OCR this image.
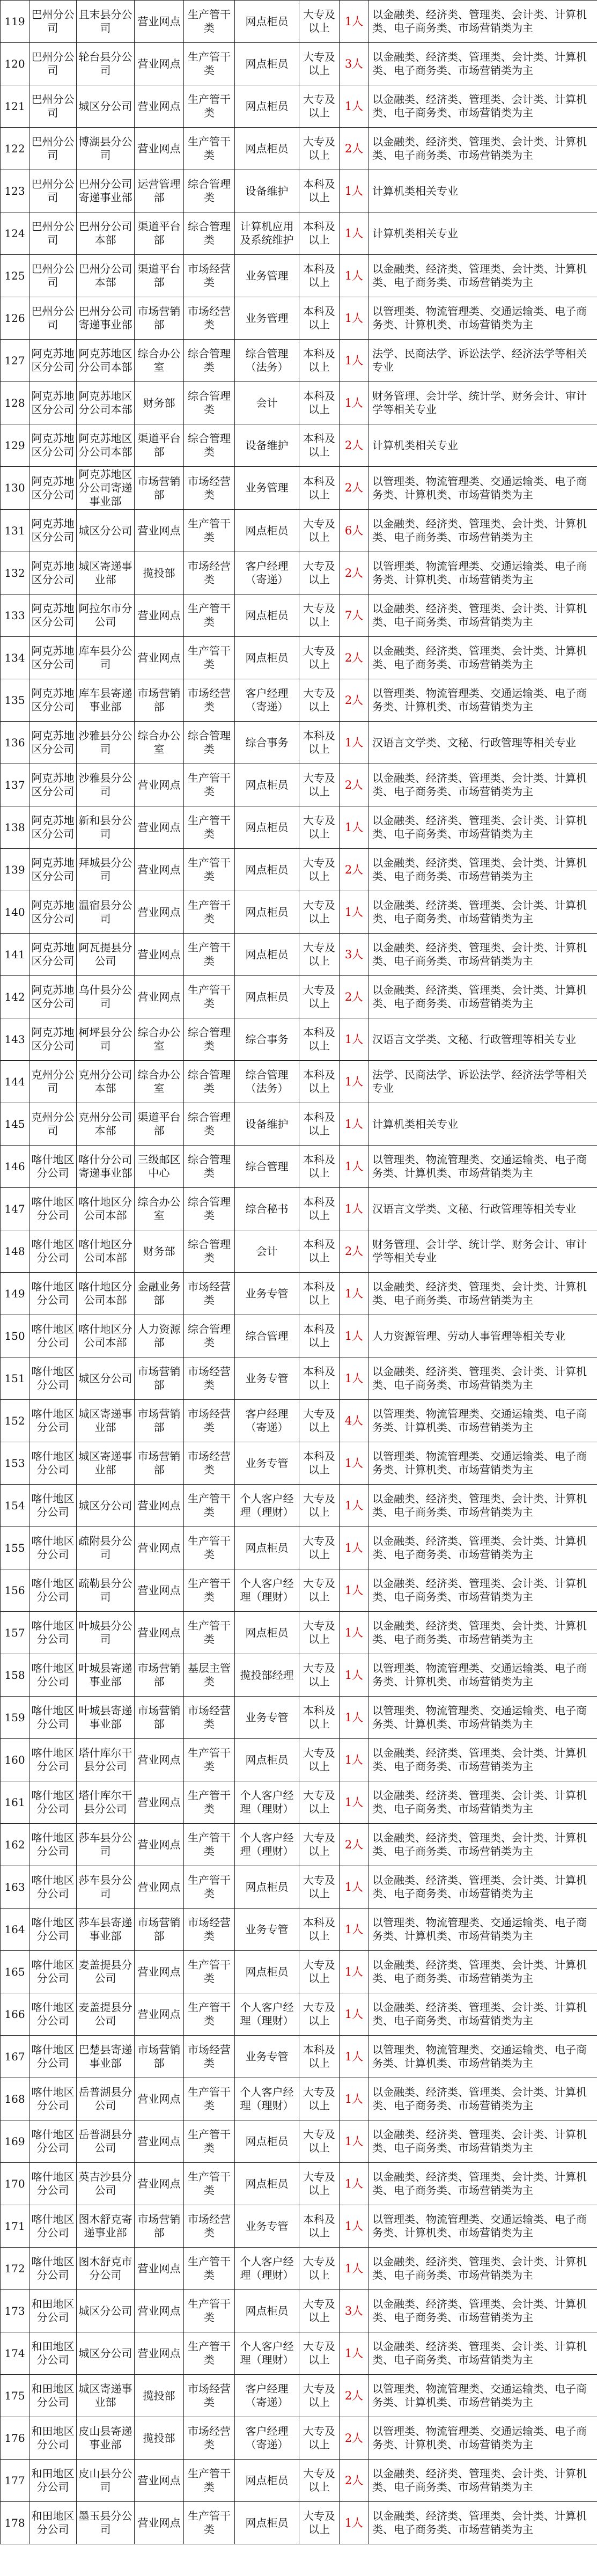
119	巴州分公司	且末县分公司	营业网点	生产管干类	网点柜员	大专及以上	1人	以金融类、经济类、管理类、会计类、计算机类、电子商务类、市场营销类为主
120	巴州分公司	轮台县分公司	营业网点	生产管干类	网点柜员	大专及以上	3人	以金融类、经济类、管理类、会计类、计算机类、电子商务类、市场营销类为主
121	巴州分公司	城区分公司	营业网点	生产管干类	网点柜员	大专及以上	1人	以金融类、经济类、管理类、会计类、计算机类、电子商务类、市场营销类为主
122	巴州分公司	博湖县分公司	营业网点	生产管干类	网点柜员	大专及以上	2人	以金融类、经济类、管理类、会计类、计算机类、电子商务类、市场营销类为主
123	巴州分公司	巴州分公司寄递事业部	运营管理部	综合管理类	设备维护	本科及以上	1人	计算机类相关专业
124	巴州分公司	巴州分公司本部	渠道平台部	综合管理类	计算机应用及系统维护	本科及以上	1人	计算机类相关专业
125	巴州分公司	巴州分公司本部	渠道平台部	市场经营类	业务管理	本科及以上	1人	以金融类、经济类、管理类、会计类、计算机类、电子商务类、市场营销类为主
126	巴州分公司	巴州分公司寄递事业部	市场营销部	市场经营类	业务管理	本科及以上	1人	以管理类、物流管理类、交通运输类、电子商务类、计算机类、市场营销类为主
127	阿克苏地区分公司	阿克苏地区分公司本部	综合办公室	综合管理类	综合管理（法务）	本科及以上	1人	法学、民商法学、诉讼法学、经济法学等相关专业
128	阿克苏地区分公司	阿克苏地区分公司本部	财务部	综合管理类	会计	本科及以上	1人	财务管理、会计学、统计学、财务会计、审计学等相关专业
129	阿克苏地区分公司	阿克苏地区分公司本部	渠道平台部	综合管理类	设备维护	本科及以上	2人	计算机类相关专业
130	阿克苏地区分公司	阿克苏地区分公司寄递事业部	市场营销部	市场经营类	业务管理	本科及以上	2人	以管理类、物流管理类、交通运输类、电子商务类、计算机类、市场营销类为主
131	阿克苏地区分公司	城区分公司	营业网点	生产管干类	网点柜员	大专及以上	6人	以金融类、经济类、管理类、会计类、计算机类、电子商务类、市场营销类为主
132	阿克苏地区分公司	城区寄递事业部	揽投部	市场经营类	客户经理（寄递）	大专及以上	2人	以管理类、物流管理类、交通运输类、电子商务类、计算机类、市场营销类为主
133	阿克苏地区分公司	阿拉尔市分公司	营业网点	生产管干类	网点柜员	大专及以上	7人	以金融类、经济类、管理类、会计类、计算机类、电子商务类、市场营销类为主
134	阿克苏地区分公司	库车县分公司	营业网点	生产管干类	网点柜员	大专及以上	2人	以金融类、经济类、管理类、会计类、计算机类、电子商务类、市场营销类为主
135	阿克苏地区分公司	库车县寄递事业部	市场营销部	市场经营类	客户经理（寄递）	大专及以上	2人	以管理类、物流管理类、交通运输类、电子商务类、计算机类、市场营销类为主
136	阿克苏地区分公司	沙雅县分公司	综合办公室	综合管理类	综合事务	本科及以上	1人	汉语言文学类、文秘、行政管理等相关专业
137	阿克苏地区分公司	沙雅县分公司	营业网点	生产管干类	网点柜员	大专及以上	2人	以金融类、经济类、管理类、会计类、计算机类、电子商务类、市场营销类为主
138	阿克苏地区分公司	新和县分公司	营业网点	生产管干类	网点柜员	大专及以上	1人	以金融类、经济类、管理类、会计类、计算机类、电子商务类、市场营销类为主
139	阿克苏地区分公司	拜城县分公司	营业网点	生产管干类	网点柜员	大专及以上	2人	以金融类、经济类、管理类、会计类、计算机类、电子商务类、市场营销类为主
140	阿克苏地区分公司	温宿县分公司	营业网点	生产管干类	网点柜员	大专及以上	1人	以金融类、经济类、管理类、会计类、计算机类、电子商务类、市场营销类为主
141	阿克苏地区分公司	阿瓦提县分公司	营业网点	生产管干类	网点柜员	大专及以上	3人	以金融类、经济类、管理类、会计类、计算机类、电子商务类、市场营销类为主
142	阿克苏地区分公司	乌什县分公司	营业网点	生产管干类	网点柜员	大专及以上	2人	以金融类、经济类、管理类、会计类、计算机类、电子商务类、市场营销类为主
143	阿克苏地区分公司	柯坪县分公司	综合办公室	综合管理类	综合事务	本科及以上	1人	汉语言文学类、文秘、行政管理等相关专业
144	克州分公司	克州分公司本部	综合办公室	综合管理类	综合管理（法务）	本科及以上	1人	法学、民商法学、诉讼法学、经济法学等相关专业
145	克州分公司	克州分公司本部	渠道平台部	综合管理类	设备维护	本科及以上	1人	计算机类相关专业
146	喀什地区分公司	喀什分公司寄递事业部	三级邮区中心	综合管理类	综合管理	本科及以上	1人	以管理类、物流管理类、交通运输类、电子商务类、计算机类、市场营销类为主
147	喀什地区分公司	喀什地区分公司本部	综合办公室	综合管理类	综合秘书	本科及以上	1人	汉语言文学类、文秘、行政管理等相关专业
148	喀什地区分公司	喀什地区分公司本部	财务部	综合管理类	会计	本科及以上	2人	财务管理、会计学、统计学、财务会计、审计学等相关专业
149	喀什地区分公司	喀什地区分公司本部	金融业务部	市场经营类	业务专管	本科及以上	1人	以金融类、经济类、管理类、会计类、计算机类、电子商务类、市场营销类为主
150	喀什地区分公司	喀什地区分公司本部	人力资源部	综合管理类	综合管理	本科及以上	1人	人力资源管理、劳动人事管理等相关专业
151	喀什地区分公司	城区分公司	市场营销部	市场经营类	业务专管	本科及以上	1人	以金融类、经济类、管理类、会计类、计算机类、电子商务类、市场营销类为主
152	喀什地区分公司	城区寄递事业部	市场营销部	市场经营类	客户经理（寄递）	大专及以上	4人	以管理类、物流管理类、交通运输类、电子商务类、计算机类、市场营销类为主
153	喀什地区分公司	城区寄递事业部	市场营销部	市场经营类	业务专管	本科及以上	1人	以管理类、物流管理类、交通运输类、电子商务类、计算机类、市场营销类为主
154	喀什地区分公司	城区分公司	营业网点	生产管干类	个人客户经理（理财）	大专及以上	1人	以金融类、经济类、管理类、会计类、计算机类、电子商务类、市场营销类为主
155	喀什地区分公司	疏附县分公司	营业网点	生产管干类	网点柜员	大专及以上	1人	以金融类、经济类、管理类、会计类、计算机类、电子商务类、市场营销类为主
156	喀什地区分公司	疏勒县分公司	营业网点	生产管干类	个人客户经理（理财）	大专及以上	1人	以金融类、经济类、管理类、会计类、计算机类、电子商务类、市场营销类为主
157	喀什地区分公司	叶城县分公司	营业网点	生产管干类	网点柜员	大专及以上	1人	以金融类、经济类、管理类、会计类、计算机类、电子商务类、市场营销类为主
158	喀什地区分公司	叶城县寄递事业部	市场营销部	基层主管类	揽投部经理	大专及以上	1人	以管理类、物流管理类、交通运输类、电子商务类、计算机类、市场营销类为主
159	喀什地区分公司	叶城县寄递事业部	市场营销部	市场经营类	业务专管	本科及以上	1人	以管理类、物流管理类、交通运输类、电子商务类、计算机类、市场营销类为主
160	喀什地区分公司	塔什库尔干县分公司	营业网点	生产管干类	网点柜员	大专及以上	1人	以金融类、经济类、管理类、会计类、计算机类、电子商务类、市场营销类为主
161	喀什地区分公司	塔什库尔干县分公司	营业网点	生产管干类	个人客户经理（理财）	大专及以上	1人	以金融类、经济类、管理类、会计类、计算机类、电子商务类、市场营销类为主
162	喀什地区分公司	莎车县分公司	营业网点	生产管干类	个人客户经理（理财）	大专及以上	2人	以金融类、经济类、管理类、会计类、计算机类、电子商务类、市场营销类为主
163	喀什地区分公司	莎车县分公司	营业网点	生产管干类	网点柜员	大专及以上	1人	以金融类、经济类、管理类、会计类、计算机类、电子商务类、市场营销类为主
164	喀什地区分公司	莎车县寄递事业部	市场营销部	市场经营类	业务专管	本科及以上	1人	以管理类、物流管理类、交通运输类、电子商务类、计算机类、市场营销类为主
165	喀什地区分公司	麦盖提县分公司	营业网点	生产管干类	网点柜员	大专及以上	1人	以金融类、经济类、管理类、会计类、计算机类、电子商务类、市场营销类为主
166	喀什地区分公司	麦盖提县分公司	营业网点	生产管干类	个人客户经理（理财）	大专及以上	1人	以金融类、经济类、管理类、会计类、计算机类、电子商务类、市场营销类为主
167	喀什地区分公司	巴楚县寄递事业部	市场营销部	市场经营类	业务专管	本科及以上	1人	以管理类、物流管理类、交通运输类、电子商务类、计算机类、市场营销类为主
168	喀什地区分公司	岳普湖县分公司	营业网点	生产管干类	个人客户经理（理财）	大专及以上	1人	以金融类、经济类、管理类、会计类、计算机类、电子商务类、市场营销类为主
169	喀什地区分公司	岳普湖县分公司	营业网点	生产管干类	网点柜员	大专及以上	1人	以金融类、经济类、管理类、会计类、计算机类、电子商务类、市场营销类为主
170	喀什地区分公司	英吉沙县分公司	营业网点	生产管干类	网点柜员	大专及以上	1人	以金融类、经济类、管理类、会计类、计算机类、电子商务类、市场营销类为主
171	喀什地区分公司	图木舒克寄递事业部	市场营销部	市场经营类	业务专管	本科及以上	1人	以管理类、物流管理类、交通运输类、电子商务类、计算机类、市场营销类为主
172	喀什地区分公司	图木舒克市分公司	营业网点	生产管干类	个人客户经理（理财）	大专及以上	1人	以金融类、经济类、管理类、会计类、计算机类、电子商务类、市场营销类为主
173	和田地区分公司	城区分公司	营业网点	生产管干类	网点柜员	大专及以上	3人	以金融类、经济类、管理类、会计类、计算机类、电子商务类、市场营销类为主
174	和田地区分公司	城区分公司	营业网点	生产管干类	个人客户经理（理财）	大专及以上	1人	以金融类、经济类、管理类、会计类、计算机类、电子商务类、市场营销类为主
175	和田地区分公司	城区寄递事业部	揽投部	市场经营类	客户经理（寄递）	大专及以上	2人	以管理类、物流管理类、交通运输类、电子商务类、计算机类、市场营销类为主
176	和田地区分公司	皮山县寄递事业部	揽投部	市场经营类	客户经理（寄递）	大专及以上	2人	以管理类、物流管理类、交通运输类、电子商务类、计算机类、市场营销类为主
177	和田地区分公司	皮山县分公司	营业网点	生产管干类	网点柜员	大专及以上	2人	以金融类、经济类、管理类、会计类、计算机类、电子商务类、市场营销类为主
178	和田地区分公司	墨玉县分公司	营业网点	生产管干类	网点柜员	大专及以上	1人	以金融类、经济类、管理类、会计类、计算机类、电子商务类、市场营销类为主
